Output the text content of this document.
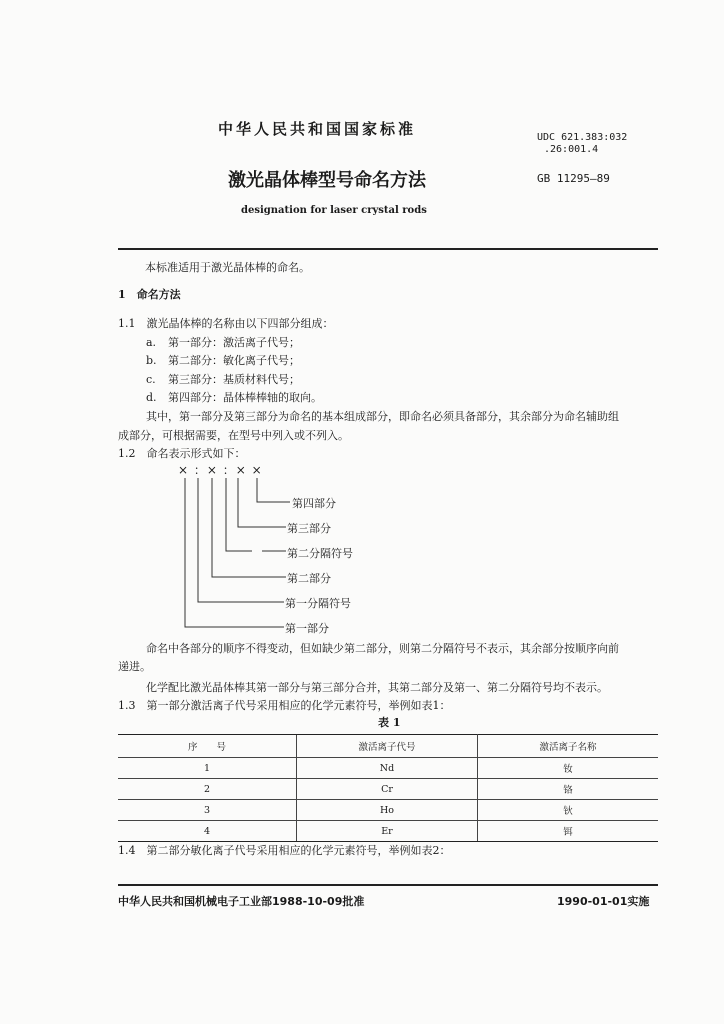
中华人民共和国国家标准	UDC 621.383:032
.26:001.4
激光晶体棒型号命名方法	GB 11295—89
designation for laser crystal rods
本标准适用于激光晶体棒的命名。
1　命名方法
1.1　激光晶体棒的名称由以下四部分组成：
a. 第一部分：激活离子代号；
b. 第二部分：敏化离子代号；
c. 第三部分：基质材料代号；
d. 第四部分：晶体棒棒轴的取向。
其中，第一部分及第三部分为命名的基本组成部分，即命名必须具备部分，其余部分为命名辅助组
成部分，可根据需要，在型号中列入或不列入。
1.2　命名表示形式如下：
× ：× ：× ×
第四部分
第三部分
第二分隔符号
第二部分
第一分隔符号
第一部分
命名中各部分的顺序不得变动，但如缺少第二部分，则第二分隔符号不表示，其余部分按顺序向前
递进。
化学配比激光晶体棒其第一部分与第三部分合并，其第二部分及第一、第二分隔符号均不表示。
1.3　第一部分激活离子代号采用相应的化学元素符号，举例如表1：
表 1
序　　号	激活离子代号	激活离子名称
1	Nd	钕
2	Cr	铬
3	Ho	钬
4	Er	铒
1.4　第二部分敏化离子代号采用相应的化学元素符号，举例如表2：
中华人民共和国机械电子工业部1988-10-09批准	1990-01-01实施
